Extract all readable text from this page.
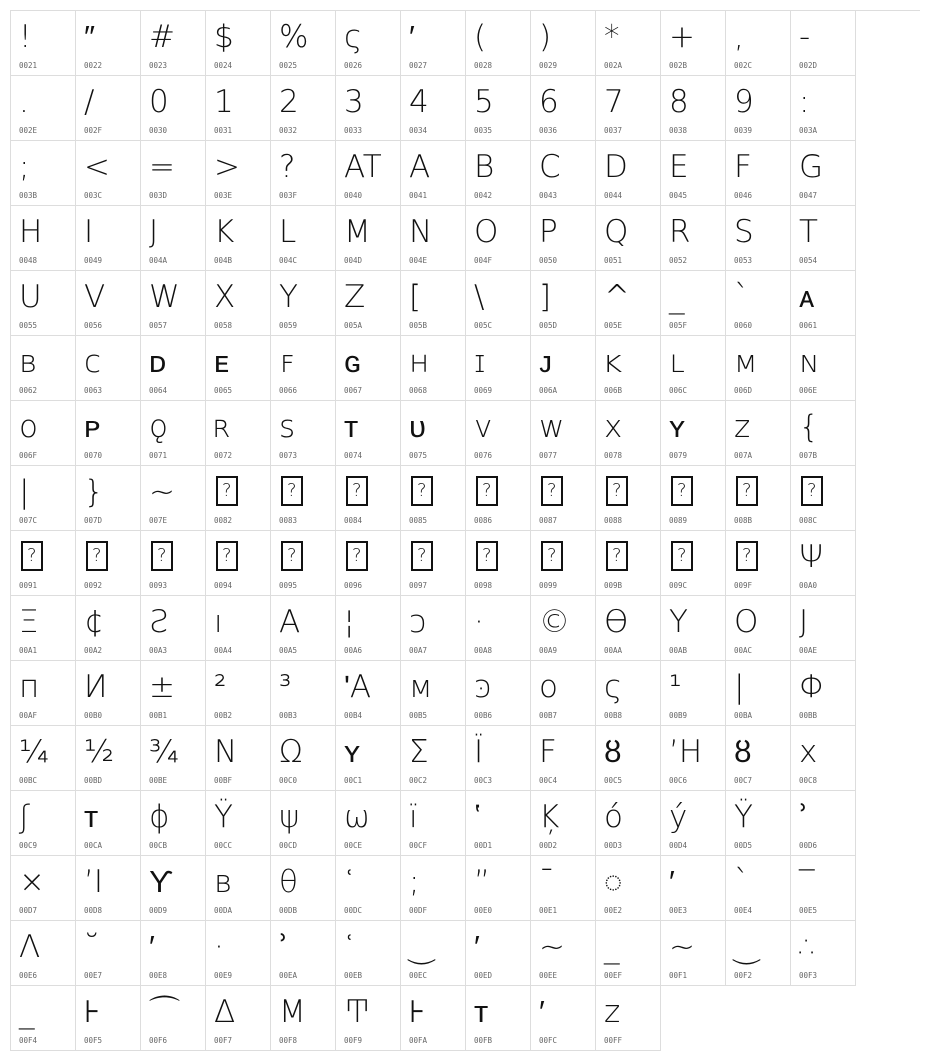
!
0021
″
0022
#
0023
$
0024
%
0025
ς
0026
′
0027
(
0028
)
0029
*
002A
+
002B
,
002C
-
002D
.
002E
/
002F
0
0030
1
0031
2
0032
3
0033
4
0034
5
0035
6
0036
7
0037
8
0038
9
0039
:
003A
;
003B
<
003C
=
003D
>
003E
?
003F
AT
0040
A
0041
B
0042
C
0043
D
0044
E
0045
F
0046
G
0047
H
0048
I
0049
J
004A
K
004B
L
004C
M
004D
N
004E
O
004F
P
0050
Q
0051
R
0052
S
0053
T
0054
U
0055
V
0056
W
0057
X
0058
Y
0059
Z
005A
[
005B
\
005C
]
005D
^
005E
_
005F
`
0060
ᴀ
0061
ʙ
0062
ᴄ
0063
ᴅ
0064
ᴇ
0065
ꜰ
0066
ɢ
0067
ʜ
0068
ɪ
0069
ᴊ
006A
ᴋ
006B
ʟ
006C
ᴍ
006D
ɴ
006E
ᴏ
006F
ᴘ
0070
ǫ
0071
ʀ
0072
ꜱ
0073
ᴛ
0074
ᴜ
0075
ᴠ
0076
ᴡ
0077
x
0078
ʏ
0079
ᴢ
007A
{
007B
|
007C
}
007D
~
007E
?
0082
?
0083
?
0084
?
0085
?
0086
?
0087
?
0088
?
0089
?
008B
?
008C
?
0091
?
0092
?
0093
?
0094
?
0095
?
0096
?
0097
?
0098
?
0099
?
009B
?
009C
?
009F
Ψ
00A0
Ξ
00A1
¢
00A2
Ƨ
00A3
ı
00A4
A
00A5
¦
00A6
ɔ
00A7
·
00A8
©
00A9
ϴ
00AA
Y
00AB
O
00AC
J
00AE
п
00AF
И
00B0
±
00B1
²
00B2
³
00B3
ʹA
00B4
ᴍ
00B5
ͽ
00B6
ᴏ
00B7
ς
00B8
¹
00B9
|
00BA
Φ
00BB
¼
00BC
½
00BD
¾
00BE
N
00BF
Ω
00C0
ʏ
00C1
Σ
00C2
Ï
00C3
Ϝ
00C4
ȣ
00C5
ʼH
00C6
ȣ
00C7
x
00C8
ʃ
00C9
ᴛ
00CA
ɸ
00CB
Ÿ
00CC
ψ
00CD
ω
00CE
ï
00CF
ʽ
00D1
Ķ
00D2
ό
00D3
ý
00D4
Ÿ
00D5
ʾ
00D6
×
00D7
ʼI
00D8
ϒ
00D9
ʙ
00DA
θ
00DB
ʿ
00DC
;
00DF
”
00E0
¯
00E1
◌
00E2
′
00E3
`
00E4
‾
00E5
Λ
00E6
˘
00E7
′
00E8
·
00E9
ʾ
00EA
ʿ
00EB
‿
00EC
′
00ED
~
00EE
_
00EF
~
00F1
‿
00F2
∴
00F3
_
00F4
⊦
00F5
⌒
00F6
Δ
00F7
M
00F8
Ͳ
00F9
⊦
00FA
ᴛ
00FB
′
00FC
ᴢ
00FF
